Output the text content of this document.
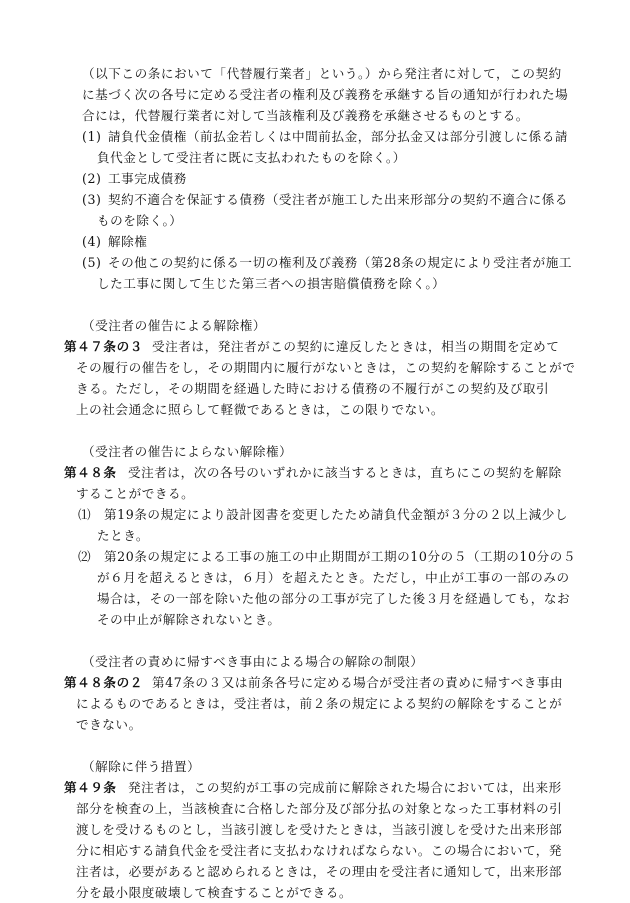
（以下この条において「代替履行業者」という。）から発注者に対して，この契約
に基づく次の各号に定める受注者の権利及び義務を承継する旨の通知が行われた場
合には，代替履行業者に対して当該権利及び義務を承継させるものとする。
(1) 請負代金債権（前払金若しくは中間前払金，部分払金又は部分引渡しに係る請
負代金として受注者に既に支払われたものを除く。）
(2) 工事完成債務
(3) 契約不適合を保証する債務（受注者が施工した出来形部分の契約不適合に係る
ものを除く。）
(4) 解除権
(5) その他この契約に係る一切の権利及び義務（第28条の規定により受注者が施工
した工事に関して生じた第三者への損害賠償債務を除く。）
（受注者の催告による解除権）
第４７条の３ 受注者は，発注者がこの契約に違反したときは，相当の期間を定めて
その履行の催告をし，その期間内に履行がないときは，この契約を解除することがで
きる。ただし，その期間を経過した時における債務の不履行がこの契約及び取引
上の社会通念に照らして軽微であるときは，この限りでない。
（受注者の催告によらない解除権）
第４８条 受注者は，次の各号のいずれかに該当するときは，直ちにこの契約を解除
することができる。
⑴ 第19条の規定により設計図書を変更したため請負代金額が３分の２以上減少し
たとき。
⑵ 第20条の規定による工事の施工の中止期間が工期の10分の５（工期の10分の５
が６月を超えるときは，６月）を超えたとき。ただし，中止が工事の一部のみの
場合は，その一部を除いた他の部分の工事が完了した後３月を経過しても，なお
その中止が解除されないとき。
（受注者の責めに帰すべき事由による場合の解除の制限）
第４８条の２ 第47条の３又は前条各号に定める場合が受注者の責めに帰すべき事由
によるものであるときは，受注者は，前２条の規定による契約の解除をすることが
できない。
（解除に伴う措置）
第４９条 発注者は，この契約が工事の完成前に解除された場合においては，出来形
部分を検査の上，当該検査に合格した部分及び部分払の対象となった工事材料の引
渡しを受けるものとし，当該引渡しを受けたときは，当該引渡しを受けた出来形部
分に相応する請負代金を受注者に支払わなければならない。この場合において，発
注者は，必要があると認められるときは，その理由を受注者に通知して，出来形部
分を最小限度破壊して検査することができる。
